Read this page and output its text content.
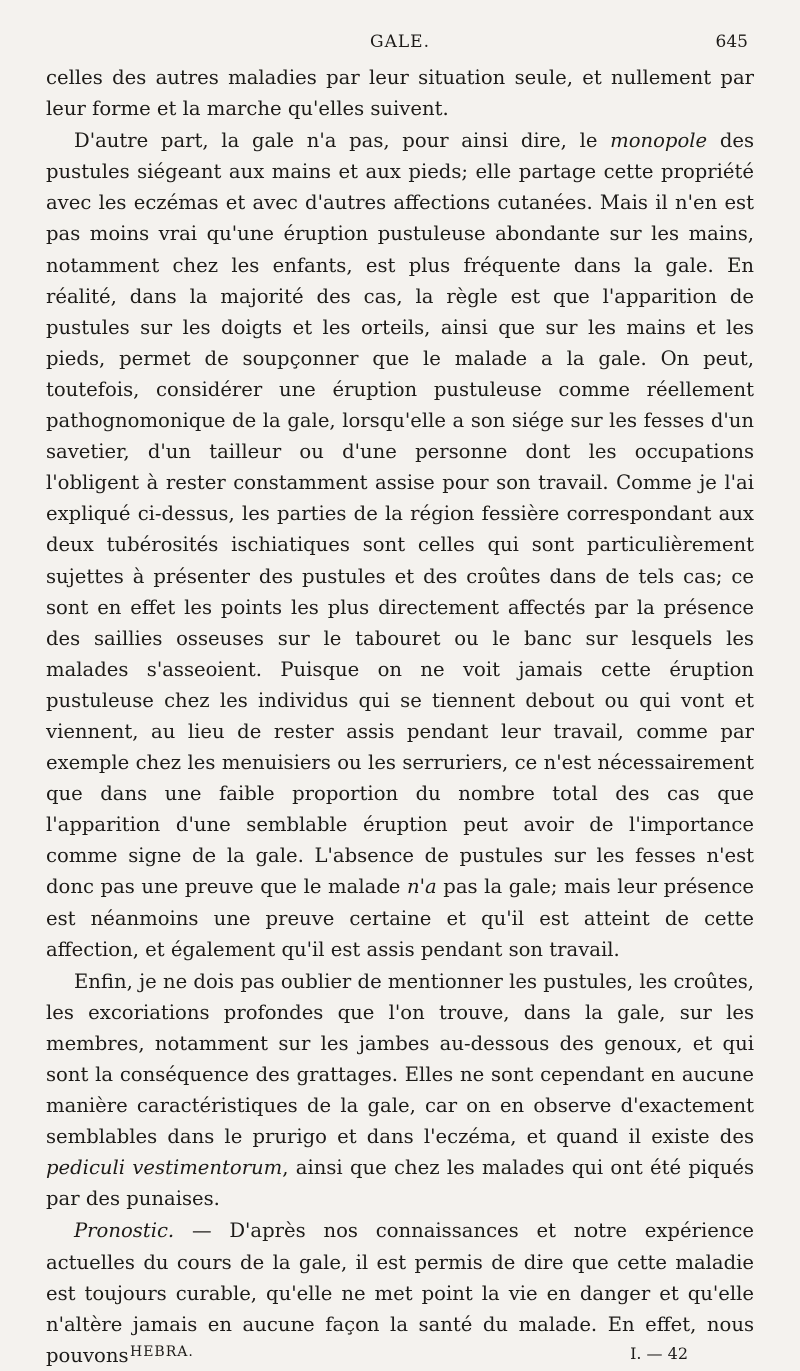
GALE.	645

celles des autres maladies par leur situation seule, et nullement par leur forme et la marche qu'elles suivent.

D'autre part, la gale n'a pas, pour ainsi dire, le monopole des pustules siégeant aux mains et aux pieds; elle partage cette propriété avec les eczémas et avec d'autres affections cutanées. Mais il n'en est pas moins vrai qu'une éruption pustuleuse abondante sur les mains, notamment chez les enfants, est plus fréquente dans la gale. En réalité, dans la majorité des cas, la règle est que l'apparition de pustules sur les doigts et les orteils, ainsi que sur les mains et les pieds, permet de soupçonner que le malade a la gale. On peut, toutefois, considérer une éruption pustuleuse comme réellement pathognomonique de la gale, lorsqu'elle a son siége sur les fesses d'un savetier, d'un tailleur ou d'une personne dont les occupations l'obligent à rester constamment assise pour son travail. Comme je l'ai expliqué ci-dessus, les parties de la région fessière correspondant aux deux tubérosités ischiatiques sont celles qui sont particulièrement sujettes à présenter des pustules et des croûtes dans de tels cas; ce sont en effet les points les plus directement affectés par la présence des saillies osseuses sur le tabouret ou le banc sur lesquels les malades s'asseoient. Puisque on ne voit jamais cette éruption pustuleuse chez les individus qui se tiennent debout ou qui vont et viennent, au lieu de rester assis pendant leur travail, comme par exemple chez les menuisiers ou les serruriers, ce n'est nécessairement que dans une faible proportion du nombre total des cas que l'apparition d'une semblable éruption peut avoir de l'importance comme signe de la gale. L'absence de pustules sur les fesses n'est donc pas une preuve que le malade n'a pas la gale; mais leur présence est néanmoins une preuve certaine et qu'il est atteint de cette affection, et également qu'il est assis pendant son travail.

Enfin, je ne dois pas oublier de mentionner les pustules, les croûtes, les excoriations profondes que l'on trouve, dans la gale, sur les membres, notamment sur les jambes au-dessous des genoux, et qui sont la conséquence des grattages. Elles ne sont cependant en aucune manière caractéristiques de la gale, car on en observe d'exactement semblables dans le prurigo et dans l'eczéma, et quand il existe des pediculi vestimentorum, ainsi que chez les malades qui ont été piqués par des punaises.

Pronostic. — D'après nos connaissances et notre expérience actuelles du cours de la gale, il est permis de dire que cette maladie est toujours curable, qu'elle ne met point la vie en danger et qu'elle n'altère jamais en aucune façon la santé du malade. En effet, nous pouvons HEBRA.	I. — 42
